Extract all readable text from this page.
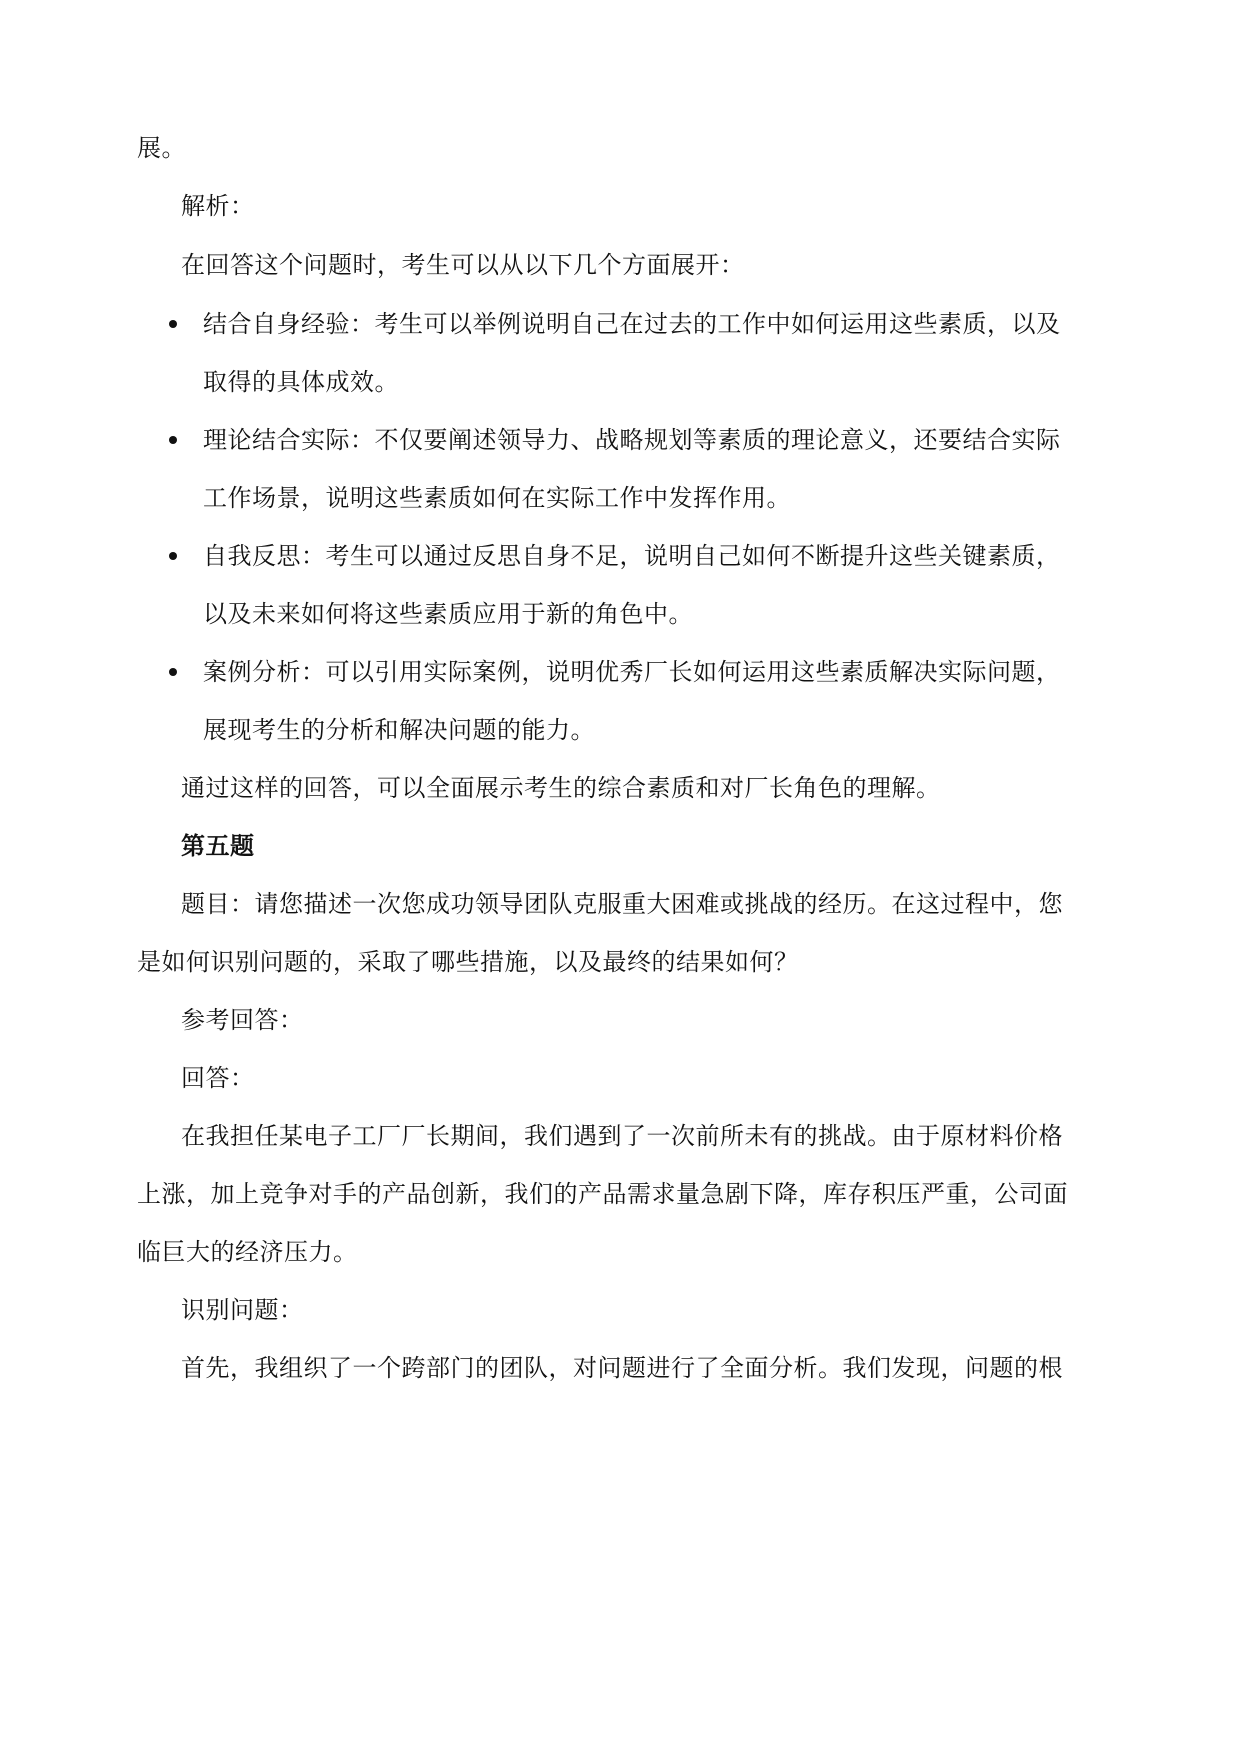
展。
解析：
在回答这个问题时，考生可以从以下几个方面展开：
结合自身经验：考生可以举例说明自己在过去的工作中如何运用这些素质，以及
取得的具体成效。
理论结合实际：不仅要阐述领导力、战略规划等素质的理论意义，还要结合实际
工作场景，说明这些素质如何在实际工作中发挥作用。
自我反思：考生可以通过反思自身不足，说明自己如何不断提升这些关键素质，
以及未来如何将这些素质应用于新的角色中。
案例分析：可以引用实际案例，说明优秀厂长如何运用这些素质解决实际问题，
展现考生的分析和解决问题的能力。
通过这样的回答，可以全面展示考生的综合素质和对厂长角色的理解。
第五题
题目：请您描述一次您成功领导团队克服重大困难或挑战的经历。在这过程中，您
是如何识别问题的，采取了哪些措施，以及最终的结果如何？
参考回答：
回答：
在我担任某电子工厂厂长期间，我们遇到了一次前所未有的挑战。由于原材料价格
上涨，加上竞争对手的产品创新，我们的产品需求量急剧下降，库存积压严重，公司面
临巨大的经济压力。
识别问题：
首先，我组织了一个跨部门的团队，对问题进行了全面分析。我们发现，问题的根
